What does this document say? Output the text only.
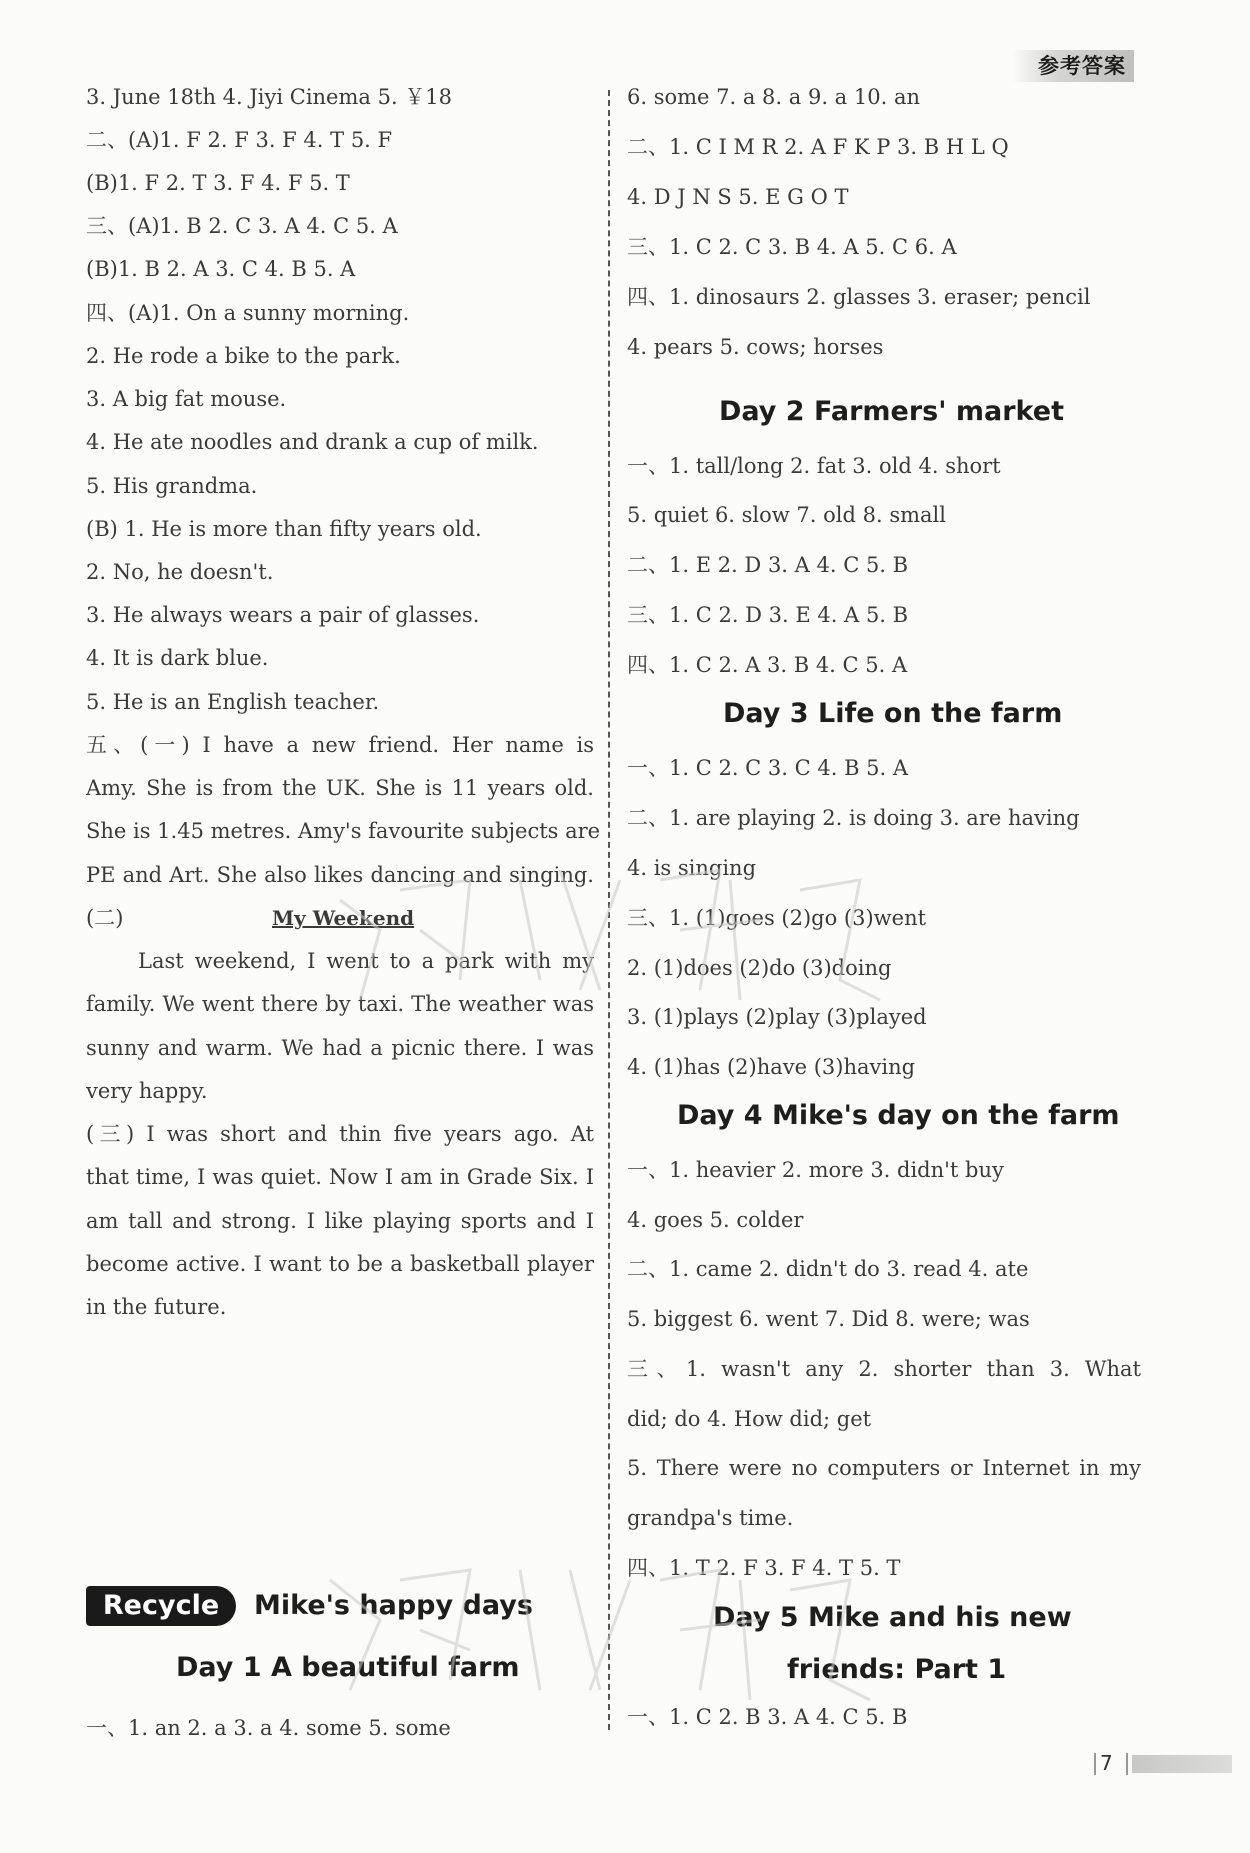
参考答案
3. June 18th 4. Jiyi Cinema 5. ￥18
二、(A)1. F 2. F 3. F 4. T 5. F
(B)1. F 2. T 3. F 4. F 5. T
三、(A)1. B 2. C 3. A 4. C 5. A
(B)1. B 2. A 3. C 4. B 5. A
四、(A)1. On a sunny morning.
2. He rode a bike to the park.
3. A big fat mouse.
4. He ate noodles and drank a cup of milk.
5. His grandma.
(B) 1. He is more than fifty years old.
2. No, he doesn't.
3. He always wears a pair of glasses.
4. It is dark blue.
5. He is an English teacher.
五、(一) I have a new friend. Her name is
Amy. She is from the UK. She is 11 years old.
She is 1.45 metres. Amy's favourite subjects are
PE and Art. She also likes dancing and singing.
(二)	My Weekend
Last weekend, I went to a park with my
family. We went there by taxi. The weather was
sunny and warm. We had a picnic there. I was
very happy.
(三) I was short and thin five years ago. At
that time, I was quiet. Now I am in Grade Six. I
am tall and strong. I like playing sports and I
become active. I want to be a basketball player
in the future.
一、1. an 2. a 3. a 4. some 5. some
Recycle	Mike's happy days
Day 1 A beautiful farm
6. some 7. a 8. a 9. a 10. an
二、1. C I M R 2. A F K P 3. B H L Q
4. D J N S 5. E G O T
三、1. C 2. C 3. B 4. A 5. C 6. A
四、1. dinosaurs 2. glasses 3. eraser; pencil
4. pears 5. cows; horses
Day 2 Farmers' market
一、1. tall/long 2. fat 3. old 4. short
5. quiet 6. slow 7. old 8. small
二、1. E 2. D 3. A 4. C 5. B
三、1. C 2. D 3. E 4. A 5. B
四、1. C 2. A 3. B 4. C 5. A
Day 3 Life on the farm
一、1. C 2. C 3. C 4. B 5. A
二、1. are playing 2. is doing 3. are having
4. is singing
三、1. (1)goes (2)go (3)went
2. (1)does (2)do (3)doing
3. (1)plays (2)play (3)played
4. (1)has (2)have (3)having
Day 4 Mike's day on the farm
一、1. heavier 2. more 3. didn't buy
4. goes 5. colder
二、1. came 2. didn't do 3. read 4. ate
5. biggest 6. went 7. Did 8. were; was
三、1. wasn't any 2. shorter than 3. What
did; do 4. How did; get
5. There were no computers or Internet in my
grandpa's time.
四、1. T 2. F 3. F 4. T 5. T
Day 5 Mike and his new
friends: Part 1
一、1. C 2. B 3. A 4. C 5. B
7
